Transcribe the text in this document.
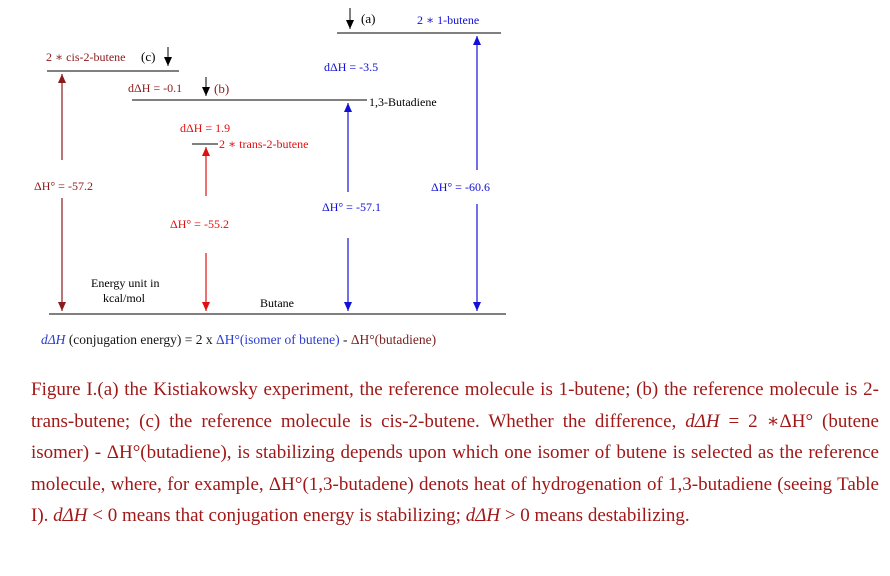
(a)	2 ∗ 1-butene
2 ∗ cis-2-butene (c)
dΔH = -3.5
dΔH = -0.1 (b)
1,3-Butadiene
dΔH = 1.9
2 ∗ trans-2-butene
ΔH° = -57.2	ΔH° = -60.6
ΔH° = -57.1
ΔH° = -55.2
Energy unit in
kcal/mol	Butane
dΔH (conjugation energy) = 2 x ΔH°(isomer of butene) - ΔH°(butadiene)
Figure I.(a) the Kistiakowsky experiment, the reference molecule is 1-butene; (b) the reference molecule is 2-trans-butene; (c) the reference molecule is cis-2-butene. Whether the difference, dΔH = 2 ∗ΔH° (butene isomer) - ΔH°(butadiene), is stabilizing depends upon which one isomer of butene is selected as the reference molecule, where, for example, ΔH°(1,3-butadene) denots heat of hydrogenation of 1,3-butadiene (seeing Table I). dΔH < 0 means that conjugation energy is stabilizing; dΔH > 0 means destabilizing.
